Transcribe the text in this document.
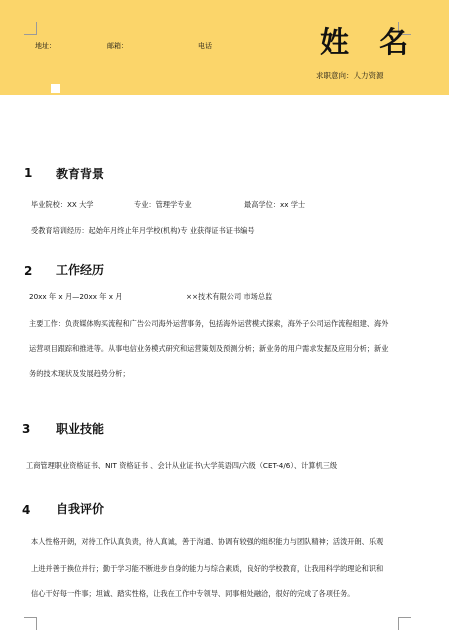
地址：	邮箱：	电话	姓 名
求职意向：人力资源
1 教育背景
毕业院校：XX 大学	专业：管理学专业	最高学位：xx 学士
受教育培训经历：起始年月终止年月学校(机构)专 业获得证书证书编号
2 工作经历
20xx 年 x 月—20xx 年 x 月	××技术有限公司 市场总监
主要工作：负责媒体购买流程和广告公司海外运营事务，包括海外运营模式探索，海外子公司运作流程组建、海外
运营项目跟踪和推进等。从事电信业务模式研究和运营策划及预测分析；新业务的用户需求发掘及应用分析；新业
务的技术现状及发展趋势分析；
3 职业技能
工商管理职业资格证书、NIT 资格证书 、会计从业证书\大学英语四/六级（CET-4/6）、计算机三级
4 自我评价
本人性格开朗，对待工作认真负责，待人真诚，善于沟通、协调有较强的组织能力与团队精神；活泼开朗、乐观
上进并善于换位并行；勤于学习能不断进步自身的能力与综合素质，良好的学校教育，让我用科学的理论和识和
信心干好每一件事；坦诚、踏实性格，让我在工作中专领导、同事相处融洽，很好的完成了各项任务。
